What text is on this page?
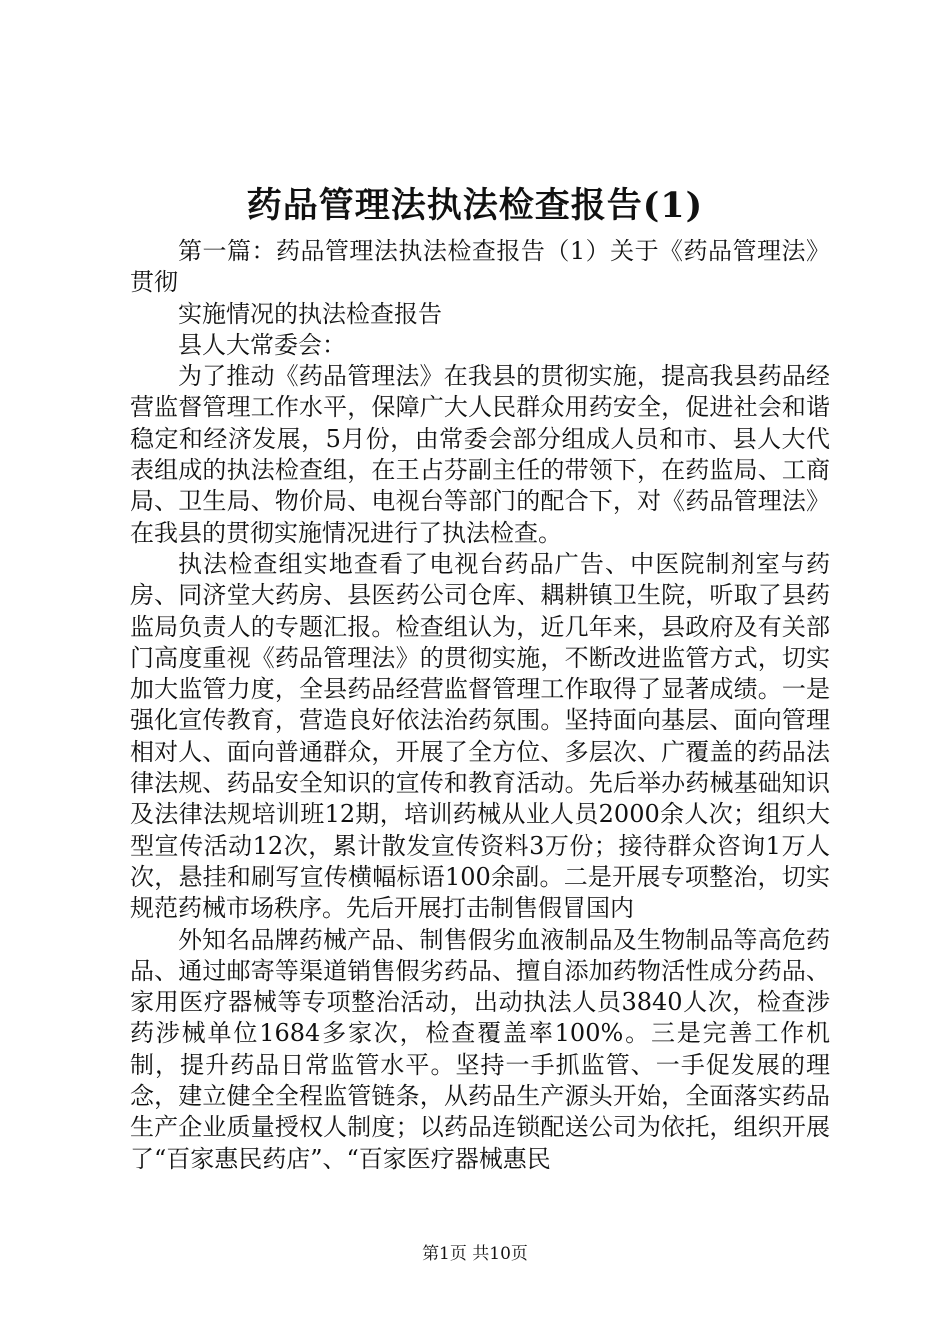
药品管理法执法检查报告(1)

第一篇：药品管理法执法检查报告（1）关于《药品管理法》贯彻

实施情况的执法检查报告

县人大常委会：

为了推动《药品管理法》在我县的贯彻实施，提高我县药品经营监督管理工作水平，保障广大人民群众用药安全，促进社会和谐稳定和经济发展，5月份，由常委会部分组成人员和市、县人大代表组成的执法检查组，在王占芬副主任的带领下，在药监局、工商局、卫生局、物价局、电视台等部门的配合下，对《药品管理法》在我县的贯彻实施情况进行了执法检查。

执法检查组实地查看了电视台药品广告、中医院制剂室与药房、同济堂大药房、县医药公司仓库、耦耕镇卫生院，听取了县药监局负责人的专题汇报。检查组认为，近几年来，县政府及有关部门高度重视《药品管理法》的贯彻实施，不断改进监管方式，切实加大监管力度，全县药品经营监督管理工作取得了显著成绩。一是强化宣传教育，营造良好依法治药氛围。坚持面向基层、面向管理相对人、面向普通群众，开展了全方位、多层次、广覆盖的药品法律法规、药品安全知识的宣传和教育活动。先后举办药械基础知识及法律法规培训班12期，培训药械从业人员2000余人次；组织大型宣传活动12次，累计散发宣传资料3万份；接待群众咨询1万人次，悬挂和刷写宣传横幅标语100余副。二是开展专项整治，切实规范药械市场秩序。先后开展打击制售假冒国内

外知名品牌药械产品、制售假劣血液制品及生物制品等高危药品、通过邮寄等渠道销售假劣药品、擅自添加药物活性成分药品、家用医疗器械等专项整治活动，出动执法人员3840人次，检查涉药涉械单位1684多家次，检查覆盖率100%。三是完善工作机制，提升药品日常监管水平。坚持一手抓监管、一手促发展的理念，建立健全全程监管链条，从药品生产源头开始，全面落实药品生产企业质量授权人制度；以药品连锁配送公司为依托，组织开展了“百家惠民药店”、“百家医疗器械惠民

第1页 共10页
